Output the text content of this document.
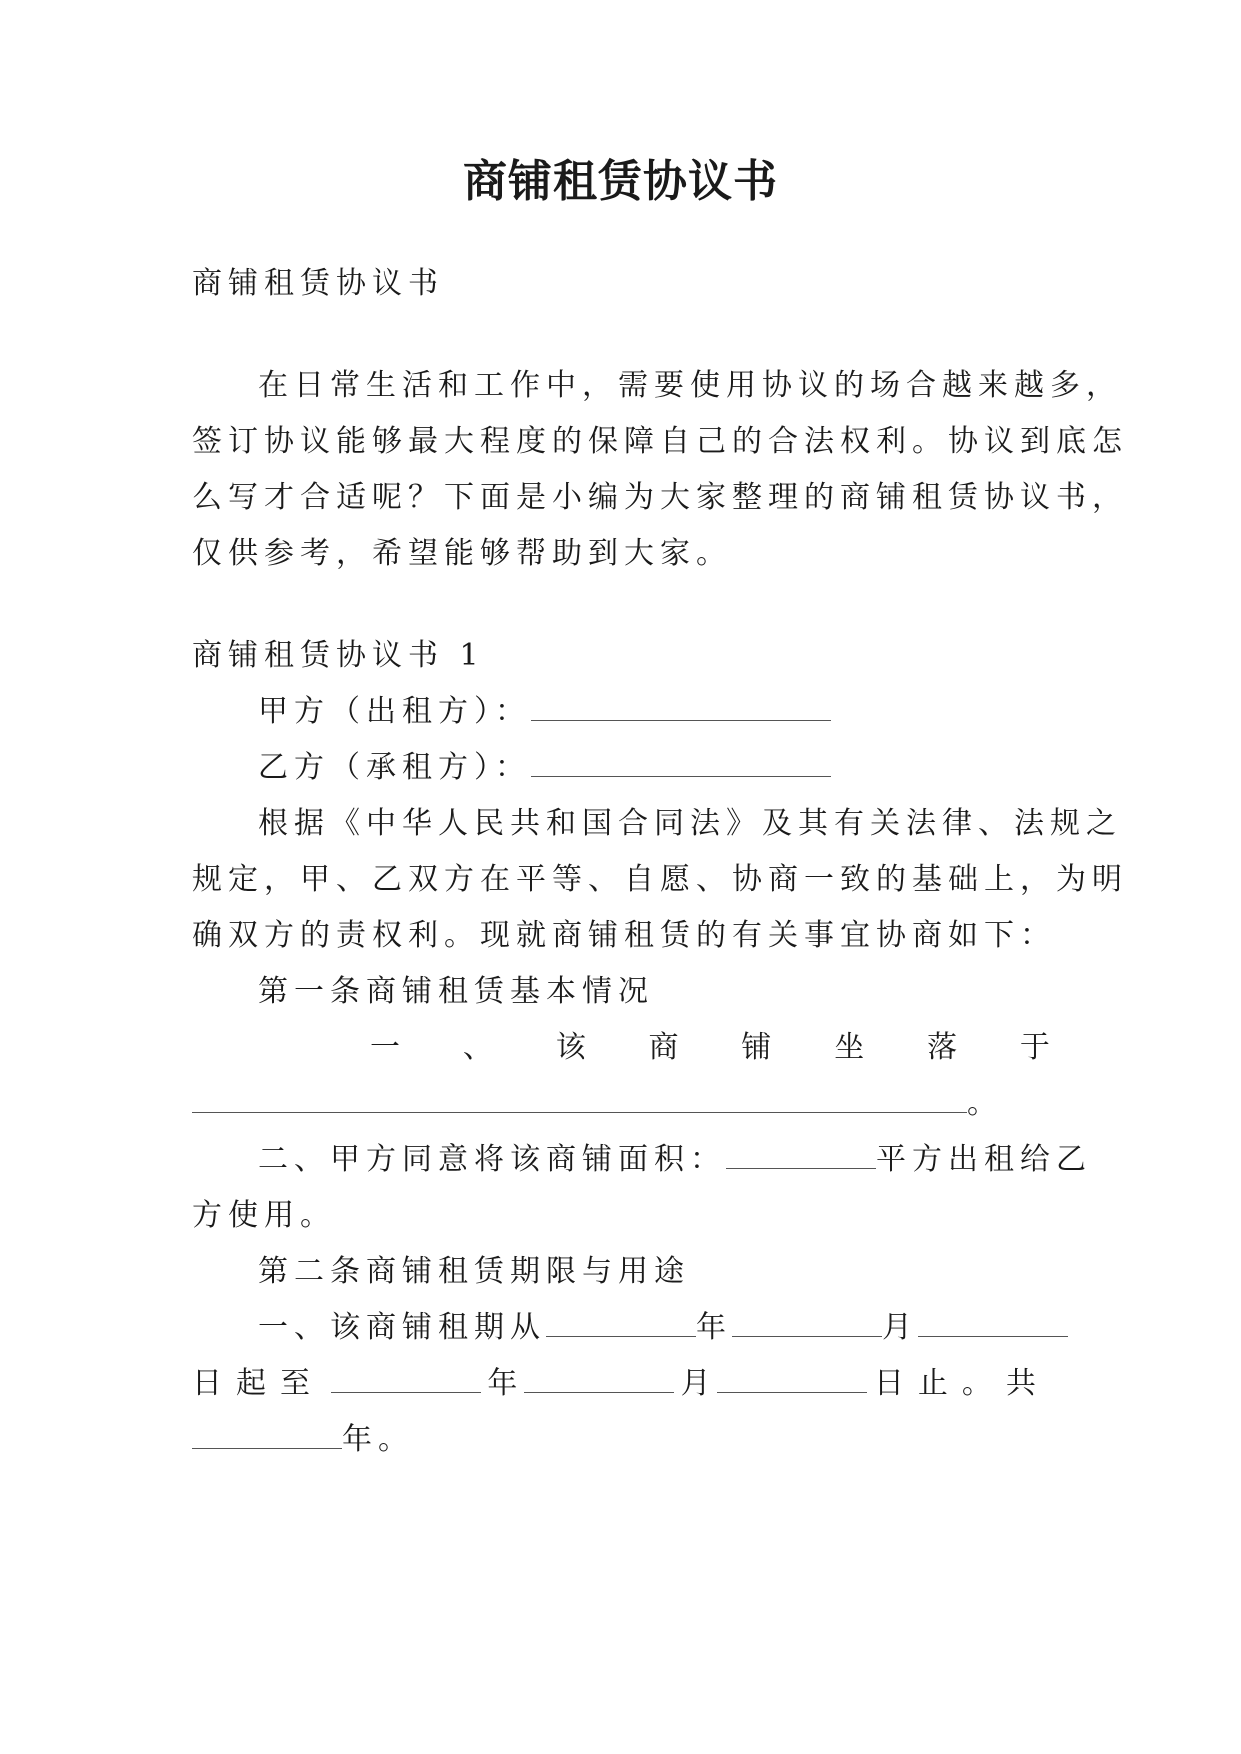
商铺租赁协议书

商铺租赁协议书

在日常生活和工作中，需要使用协议的场合越来越多，

签订协议能够最大程度的保障自己的合法权利。协议到底怎

么写才合适呢？下面是小编为大家整理的商铺租赁协议书，

仅供参考，希望能够帮助到大家。

商铺租赁协议书 1

甲方（出租方）：

乙方（承租方）：

根据《中华人民共和国合同法》及其有关法律、法规之

规定，甲、乙双方在平等、自愿、协商一致的基础上，为明

确双方的责权利。现就商铺租赁的有关事宜协商如下：

第一条商铺租赁基本情况

一 、 该 商 铺 坐 落 于

。

二、甲方同意将该商铺面积：	平方出租给乙

方使用。

第二条商铺租赁期限与用途

一、该商铺租期从	年	月

日起至	年	月	日止。共

年。
